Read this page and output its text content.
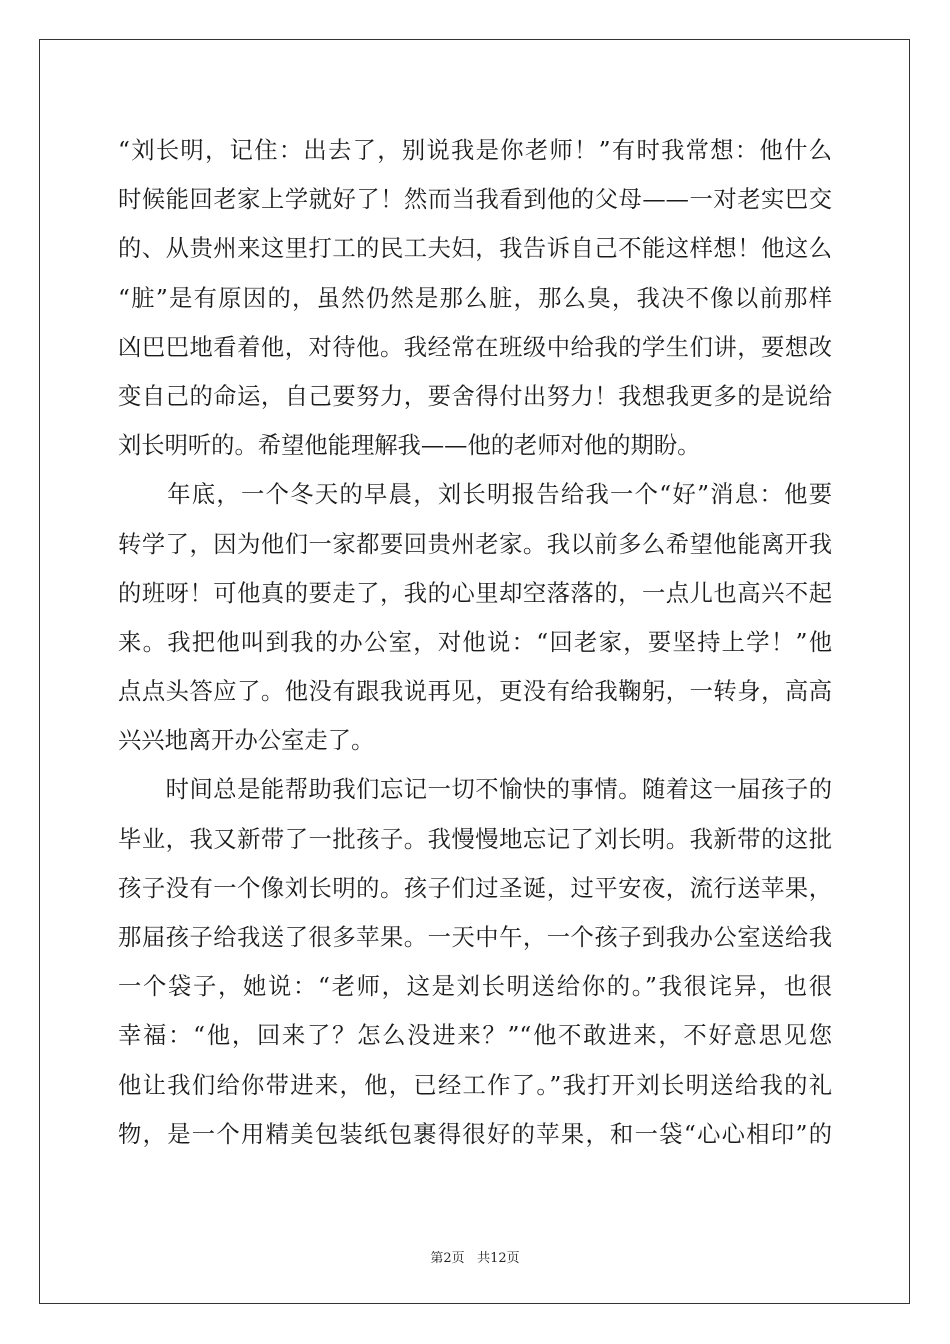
“刘长明，记住：出去了，别说我是你老师！”有时我常想：他什么
时候能回老家上学就好了！然而当我看到他的父母——一对老实巴交
的、从贵州来这里打工的民工夫妇，我告诉自己不能这样想！他这么
“脏”是有原因的，虽然仍然是那么脏，那么臭，我决不像以前那样
凶巴巴地看着他，对待他。我经常在班级中给我的学生们讲，要想改
变自己的命运，自己要努力，要舍得付出努力！我想我更多的是说给
刘长明听的。希望他能理解我——他的老师对他的期盼。
　　年底，一个冬天的早晨，刘长明报告给我一个“好”消息：他要
转学了，因为他们一家都要回贵州老家。我以前多么希望他能离开我
的班呀！可他真的要走了，我的心里却空落落的，一点儿也高兴不起
来。我把他叫到我的办公室，对他说：“回老家，要坚持上学！”他
点点头答应了。他没有跟我说再见，更没有给我鞠躬，一转身，高高
兴兴地离开办公室走了。
　　时间总是能帮助我们忘记一切不愉快的事情。随着这一届孩子的
毕业，我又新带了一批孩子。我慢慢地忘记了刘长明。我新带的这批
孩子没有一个像刘长明的。孩子们过圣诞，过平安夜，流行送苹果，
那届孩子给我送了很多苹果。一天中午，一个孩子到我办公室送给我
一个袋子，她说：“老师，这是刘长明送给你的。”我很诧异，也很
幸福：“他，回来了？怎么没进来？”“他不敢进来，不好意思见您
他让我们给你带进来，他，已经工作了。”我打开刘长明送给我的礼
物，是一个用精美包装纸包裹得很好的苹果，和一袋“心心相印”的
第2页 共12页
